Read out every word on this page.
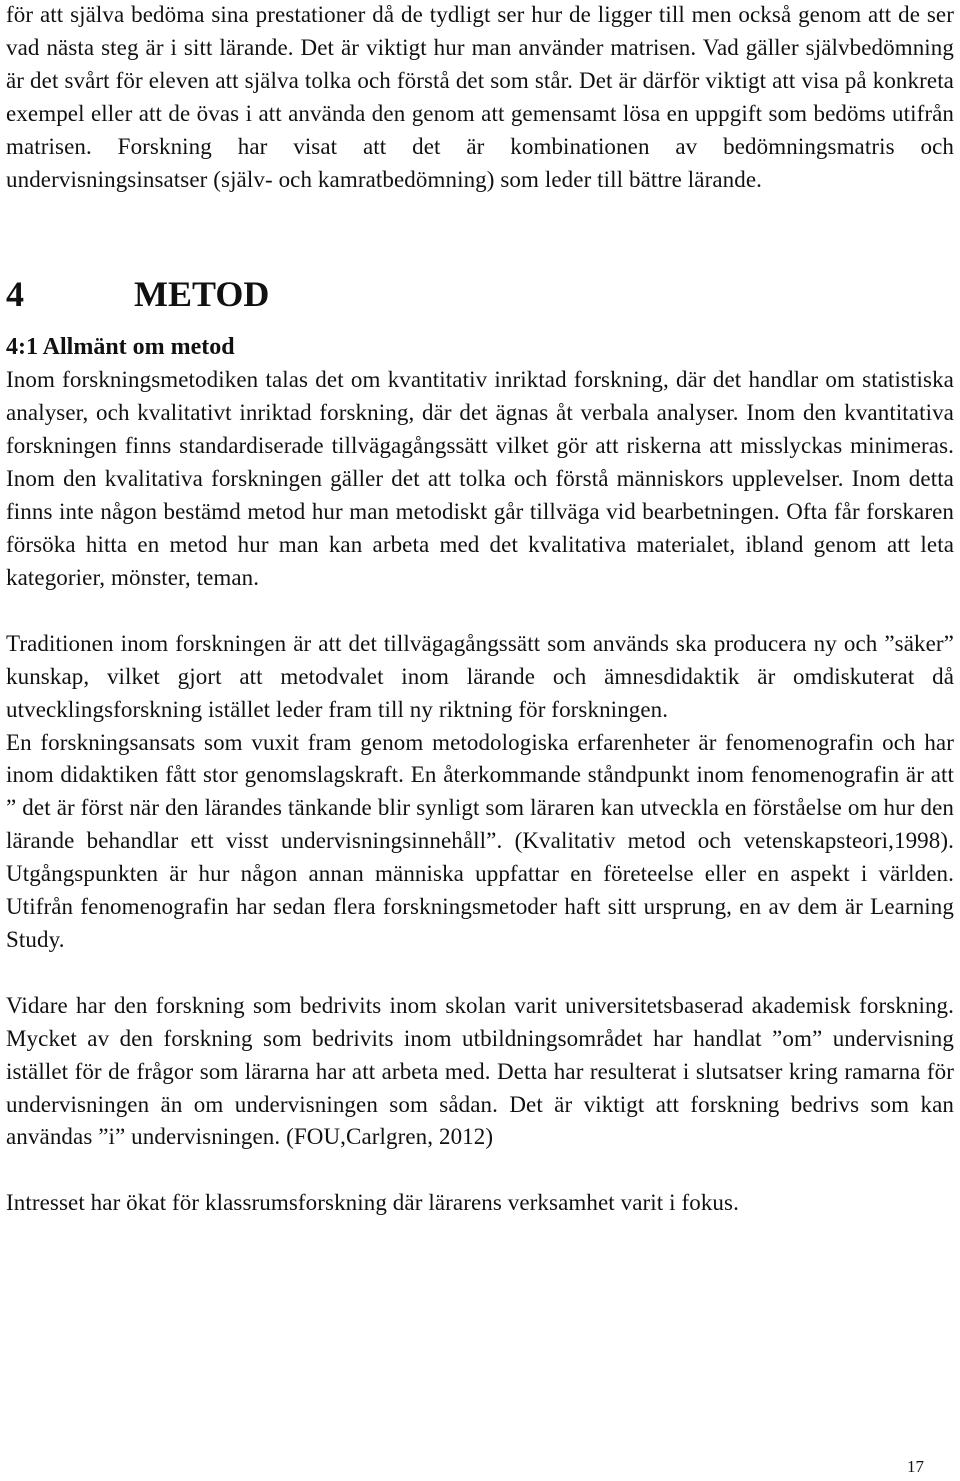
för att själva bedöma sina prestationer då de tydligt ser hur de ligger till men också genom att de ser vad nästa steg är i sitt lärande. Det är viktigt hur man använder matrisen. Vad gäller självbedömning är det svårt för eleven att själva tolka och förstå det som står. Det är därför viktigt att visa på konkreta exempel eller att de övas i att använda den genom att gemensamt lösa en uppgift som bedöms utifrån matrisen. Forskning har visat att det är kombinationen av bedömningsmatris och undervisningsinsatser (själv- och kamratbedömning) som leder till bättre lärande.

4	METOD
4:1 Allmänt om metod

Inom forskningsmetodiken talas det om kvantitativ inriktad forskning, där det handlar om statistiska analyser, och kvalitativt inriktad forskning, där det ägnas åt verbala analyser. Inom den kvantitativa forskningen finns standardiserade tillvägagångssätt vilket gör att riskerna att misslyckas minimeras. Inom den kvalitativa forskningen gäller det att tolka och förstå människors upplevelser. Inom detta finns inte någon bestämd metod hur man metodiskt går tillväga vid bearbetningen. Ofta får forskaren försöka hitta en metod hur man kan arbeta med det kvalitativa materialet, ibland genom att leta kategorier, mönster, teman.

Traditionen inom forskningen är att det tillvägagångssätt som används ska producera ny och ”säker” kunskap, vilket gjort att metodvalet inom lärande och ämnesdidaktik är omdiskuterat då utvecklingsforskning istället leder fram till ny riktning för forskningen.

En forskningsansats som vuxit fram genom metodologiska erfarenheter är fenomenografin och har inom didaktiken fått stor genomslagskraft. En återkommande ståndpunkt inom fenomenografin är att ” det är först när den lärandes tänkande blir synligt som läraren kan utveckla en förståelse om hur den lärande behandlar ett visst undervisningsinnehåll”. (Kvalitativ metod och vetenskapsteori,1998). Utgångspunkten är hur någon annan människa uppfattar en företeelse eller en aspekt i världen. Utifrån fenomenografin har sedan flera forskningsmetoder haft sitt ursprung, en av dem är Learning Study.

Vidare har den forskning som bedrivits inom skolan varit universitetsbaserad akademisk forskning. Mycket av den forskning som bedrivits inom utbildningsområdet har handlat ”om” undervisning istället för de frågor som lärarna har att arbeta med. Detta har resulterat i slutsatser kring ramarna för undervisningen än om undervisningen som sådan. Det är viktigt att forskning bedrivs som kan användas ”i” undervisningen. (FOU,Carlgren, 2012)

Intresset har ökat för klassrumsforskning där lärarens verksamhet varit i fokus.

17
